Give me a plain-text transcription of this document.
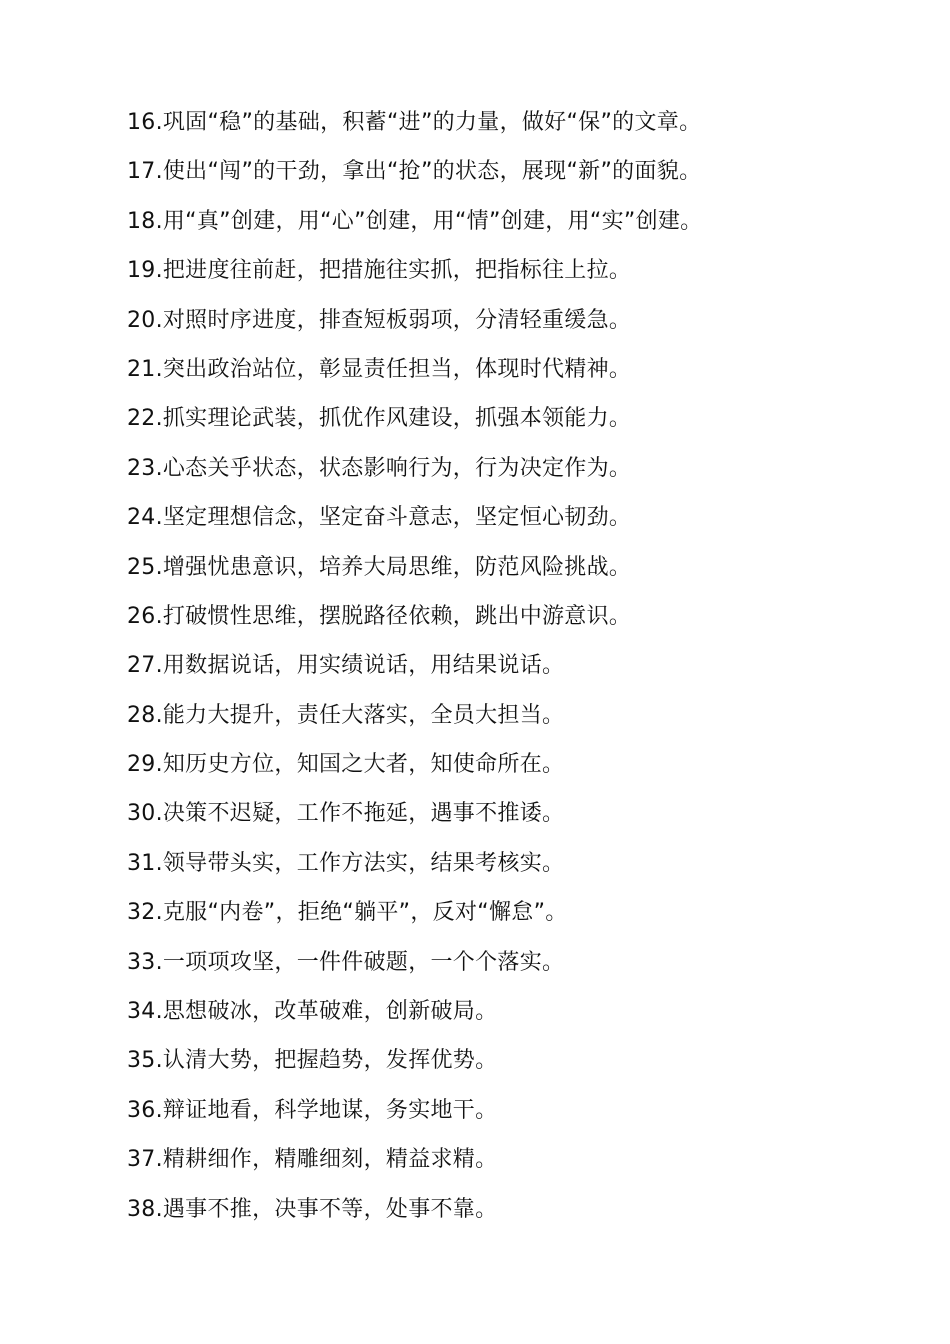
16.巩固“稳”的基础，积蓄“进”的力量，做好“保”的文章。
17.使出“闯”的干劲，拿出“抢”的状态，展现“新”的面貌。
18.用“真”创建，用“心”创建，用“情”创建，用“实”创建。
19.把进度往前赶，把措施往实抓，把指标往上拉。
20.对照时序进度，排查短板弱项，分清轻重缓急。
21.突出政治站位，彰显责任担当，体现时代精神。
22.抓实理论武装，抓优作风建设，抓强本领能力。
23.心态关乎状态，状态影响行为，行为决定作为。
24.坚定理想信念，坚定奋斗意志，坚定恒心韧劲。
25.增强忧患意识，培养大局思维，防范风险挑战。
26.打破惯性思维，摆脱路径依赖，跳出中游意识。
27.用数据说话，用实绩说话，用结果说话。
28.能力大提升，责任大落实，全员大担当。
29.知历史方位，知国之大者，知使命所在。
30.决策不迟疑，工作不拖延，遇事不推诿。
31.领导带头实，工作方法实，结果考核实。
32.克服“内卷”，拒绝“躺平”，反对“懈怠”。
33.一项项攻坚，一件件破题，一个个落实。
34.思想破冰，改革破难，创新破局。
35.认清大势，把握趋势，发挥优势。
36.辩证地看，科学地谋，务实地干。
37.精耕细作，精雕细刻，精益求精。
38.遇事不推，决事不等，处事不靠。
